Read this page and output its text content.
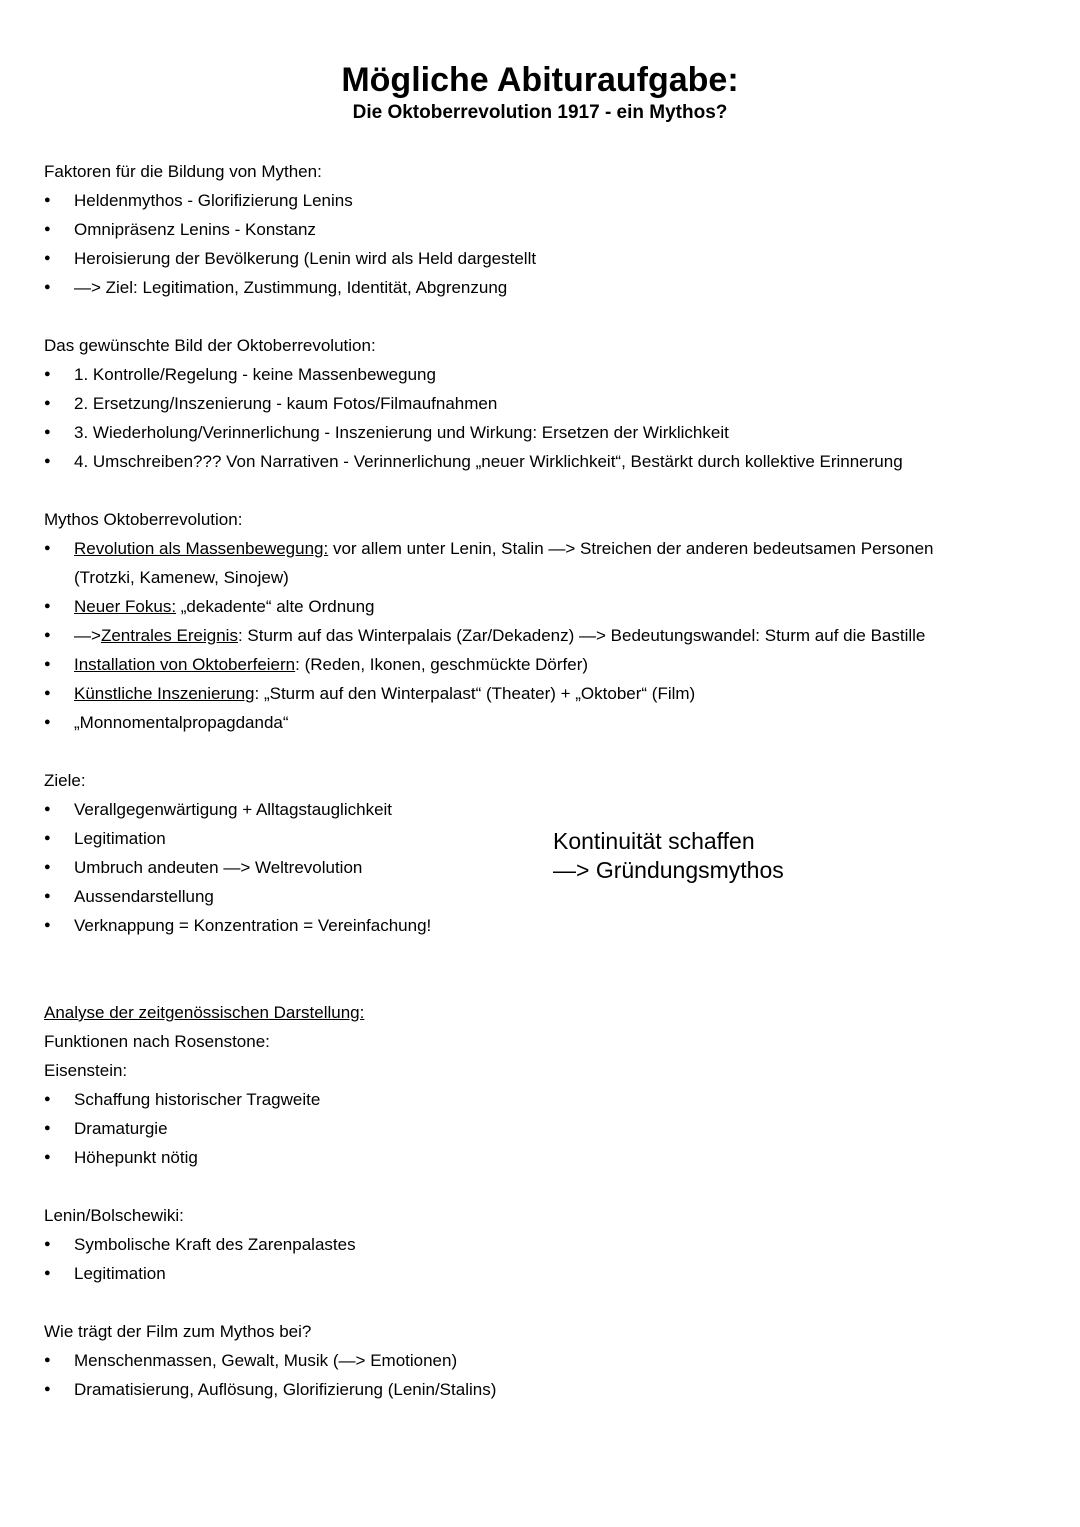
Mögliche Abituraufgabe:
Die Oktoberrevolution 1917 - ein Mythos?
Faktoren für die Bildung von Mythen:
● Heldenmythos - Glorifizierung Lenins
● Omnipräsenz Lenins - Konstanz
● Heroisierung der Bevölkerung (Lenin wird als Held dargestellt
● —> Ziel: Legitimation, Zustimmung, Identität, Abgrenzung
Das gewünschte Bild der Oktoberrevolution:
● 1. Kontrolle/Regelung - keine Massenbewegung
● 2. Ersetzung/Inszenierung - kaum Fotos/Filmaufnahmen
● 3. Wiederholung/Verinnerlichung - Inszenierung und Wirkung: Ersetzen der Wirklichkeit
● 4. Umschreiben??? Von Narrativen - Verinnerlichung „neuer Wirklichkeit“, Bestärkt durch kollektive Erinnerung
Mythos Oktoberrevolution:
● Revolution als Massenbewegung: vor allem unter Lenin, Stalin —> Streichen der anderen bedeutsamen Personen (Trotzki, Kamenew, Sinojew)
● Neuer Fokus: „dekadente“ alte Ordnung
● —>Zentrales Ereignis: Sturm auf das Winterpalais (Zar/Dekadenz) —> Bedeutungswandel: Sturm auf die Bastille
● Installation von Oktoberfeiern: (Reden, Ikonen, geschmückte Dörfer)
● Künstliche Inszenierung: „Sturm auf den Winterpalast“ (Theater) + „Oktober“ (Film)
● „Monnomentalpropagdanda“
Ziele:
● Verallgegenwärtigung + Alltagstauglichkeit
● Legitimation
● Umbruch andeuten —> Weltrevolution
● Aussendarstellung
● Verknappung = Konzentration = Vereinfachung!
Kontinuität schaffen
—> Gründungsmythos
Analyse der zeitgenössischen Darstellung:
Funktionen nach Rosenstone:
Eisenstein:
● Schaffung historischer Tragweite
● Dramaturgie
● Höhepunkt nötig
Lenin/Bolschewiki:
● Symbolische Kraft des Zarenpalastes
● Legitimation
Wie trägt der Film zum Mythos bei?
● Menschenmassen, Gewalt, Musik (—> Emotionen)
● Dramatisierung, Auflösung, Glorifizierung (Lenin/Stalins)
